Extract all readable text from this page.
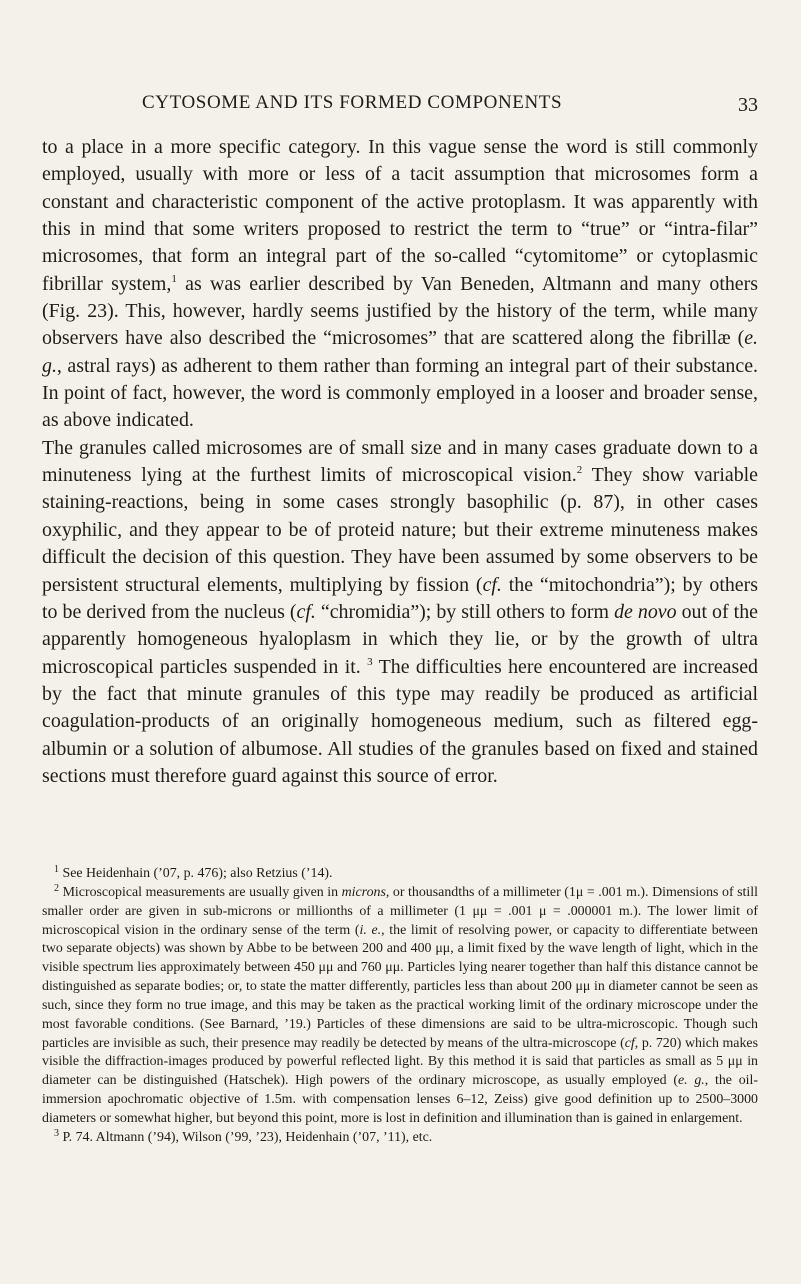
CYTOSOME AND ITS FORMED COMPONENTS	33

to a place in a more specific category. In this vague sense the word is still commonly employed, usually with more or less of a tacit assumption that microsomes form a constant and characteristic component of the active protoplasm. It was apparently with this in mind that some writers proposed to restrict the term to “true” or “intra-filar” microsomes, that form an integral part of the so-called “cytomitome” or cytoplasmic fibrillar system,$^1$ as was earlier described by Van Beneden, Altmann and many others (Fig. 23). This, however, hardly seems justified by the history of the term, while many observers have also described the “microsomes” that are scattered along the fibrillæ (e. g., astral rays) as adherent to them rather than forming an integral part of their substance. In point of fact, however, the word is commonly employed in a looser and broader sense, as above indicated.

The granules called microsomes are of small size and in many cases graduate down to a minuteness lying at the furthest limits of microscopical vision.$^2$ They show variable staining-reactions, being in some cases strongly basophilic (p. 87), in other cases oxyphilic, and they appear to be of proteid nature; but their extreme minuteness makes difficult the decision of this question. They have been assumed by some observers to be persistent structural elements, multiplying by fission (cf. the “mitochondria”); by others to be derived from the nucleus (cf. “chromidia”); by still others to form de novo out of the apparently homogeneous hyaloplasm in which they lie, or by the growth of ultra microscopical particles suspended in it. $^3$ The difficulties here encountered are increased by the fact that minute granules of this type may readily be produced as artificial coagulation-products of an originally homogeneous medium, such as filtered egg-albumin or a solution of albumose. All studies of the granules based on fixed and stained sections must therefore guard against this source of error.

$^1$ See Heidenhain (’07, p. 476); also Retzius (’14).

$^2$ Microscopical measurements are usually given in microns, or thousandths of a millimeter (1μ = .001 m.). Dimensions of still smaller order are given in sub-microns or millionths of a millimeter (1 μμ = .001 μ = .000001 m.). The lower limit of microscopical vision in the ordinary sense of the term (i. e., the limit of resolving power, or capacity to differentiate between two separate objects) was shown by Abbe to be between 200 and 400 μμ, a limit fixed by the wave length of light, which in the visible spectrum lies approximately between 450 μμ and 760 μμ. Particles lying nearer together than half this distance cannot be distinguished as separate bodies; or, to state the matter differently, particles less than about 200 μμ in diameter cannot be seen as such, since they form no true image, and this may be taken as the practical working limit of the ordinary microscope under the most favorable conditions. (See Barnard, ’19.) Particles of these dimensions are said to be ultra-microscopic. Though such particles are invisible as such, their presence may readily be detected by means of the ultra-microscope (cf, p. 720) which makes visible the diffraction-images produced by powerful reflected light. By this method it is said that particles as small as 5 μμ in diameter can be distinguished (Hatschek). High powers of the ordinary microscope, as usually employed (e. g., the oil-immersion apochromatic objective of 1.5m. with compensation lenses 6–12, Zeiss) give good definition up to 2500–3000 diameters or somewhat higher, but beyond this point, more is lost in definition and illumination than is gained in enlargement.

$^3$ P. 74. Altmann (’94), Wilson (’99, ’23), Heidenhain (’07, ’11), etc.
